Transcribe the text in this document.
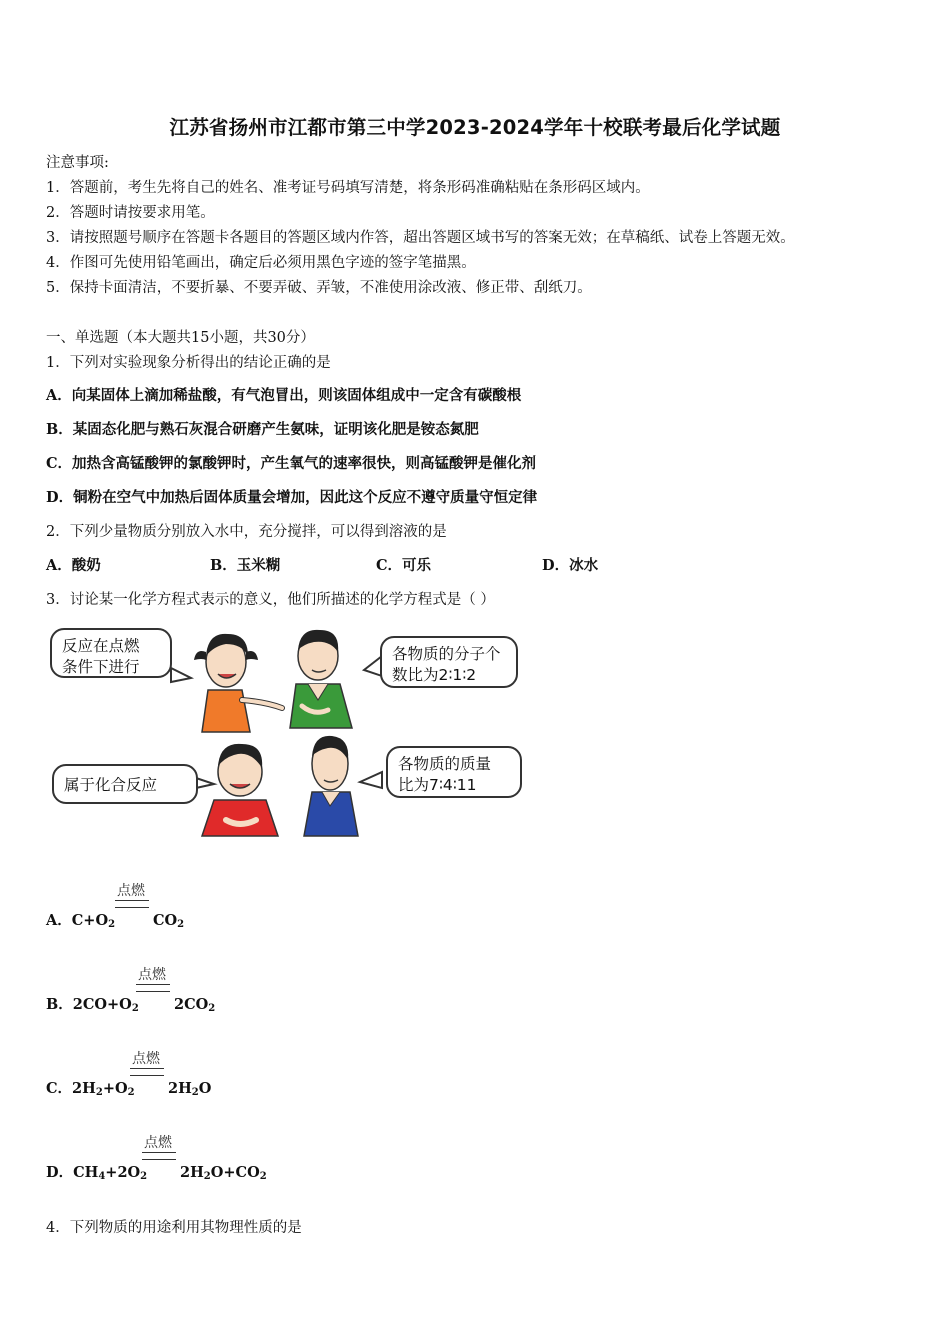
江苏省扬州市江都市第三中学2023-2024学年十校联考最后化学试题
注意事项:
1．答题前，考生先将自己的姓名、准考证号码填写清楚，将条形码准确粘贴在条形码区域内。
2．答题时请按要求用笔。
3．请按照题号顺序在答题卡各题目的答题区域内作答，超出答题区域书写的答案无效；在草稿纸、试卷上答题无效。
4．作图可先使用铅笔画出，确定后必须用黑色字迹的签字笔描黑。
5．保持卡面清洁，不要折暴、不要弄破、弄皱，不准使用涂改液、修正带、刮纸刀。
一、单选题（本大题共15小题，共30分）
1．下列对实验现象分析得出的结论正确的是
A．向某固体上滴加稀盐酸，有气泡冒出，则该固体组成中一定含有碳酸根
B．某固态化肥与熟石灰混合研磨产生氨味，证明该化肥是铵态氮肥
C．加热含高锰酸钾的氯酸钾时，产生氧气的速率很快，则高锰酸钾是催化剂
D．铜粉在空气中加热后固体质量会增加，因此这个反应不遵守质量守恒定律
2．下列少量物质分别放入水中，充分搅拌，可以得到溶液的是
A．酸奶	B．玉米糊	C．可乐	D．冰水
3．讨论某一化学方程式表示的意义，他们所描述的化学方程式是（ ）
反应在点燃
条件下进行
各物质的分子个
数比为2∶1∶2
属于化合反应
各物质的质量
比为7∶4∶11
点燃
A．$C+O_2$	$CO_2$
点燃
B．$2CO+O_2$ $2CO_2$
点燃
C．$2H_2+O_2$ $2H_2O$
点燃
D．$CH_4+2O_2$ $2H_2O+CO_2$
4．下列物质的用途利用其物理性质的是
